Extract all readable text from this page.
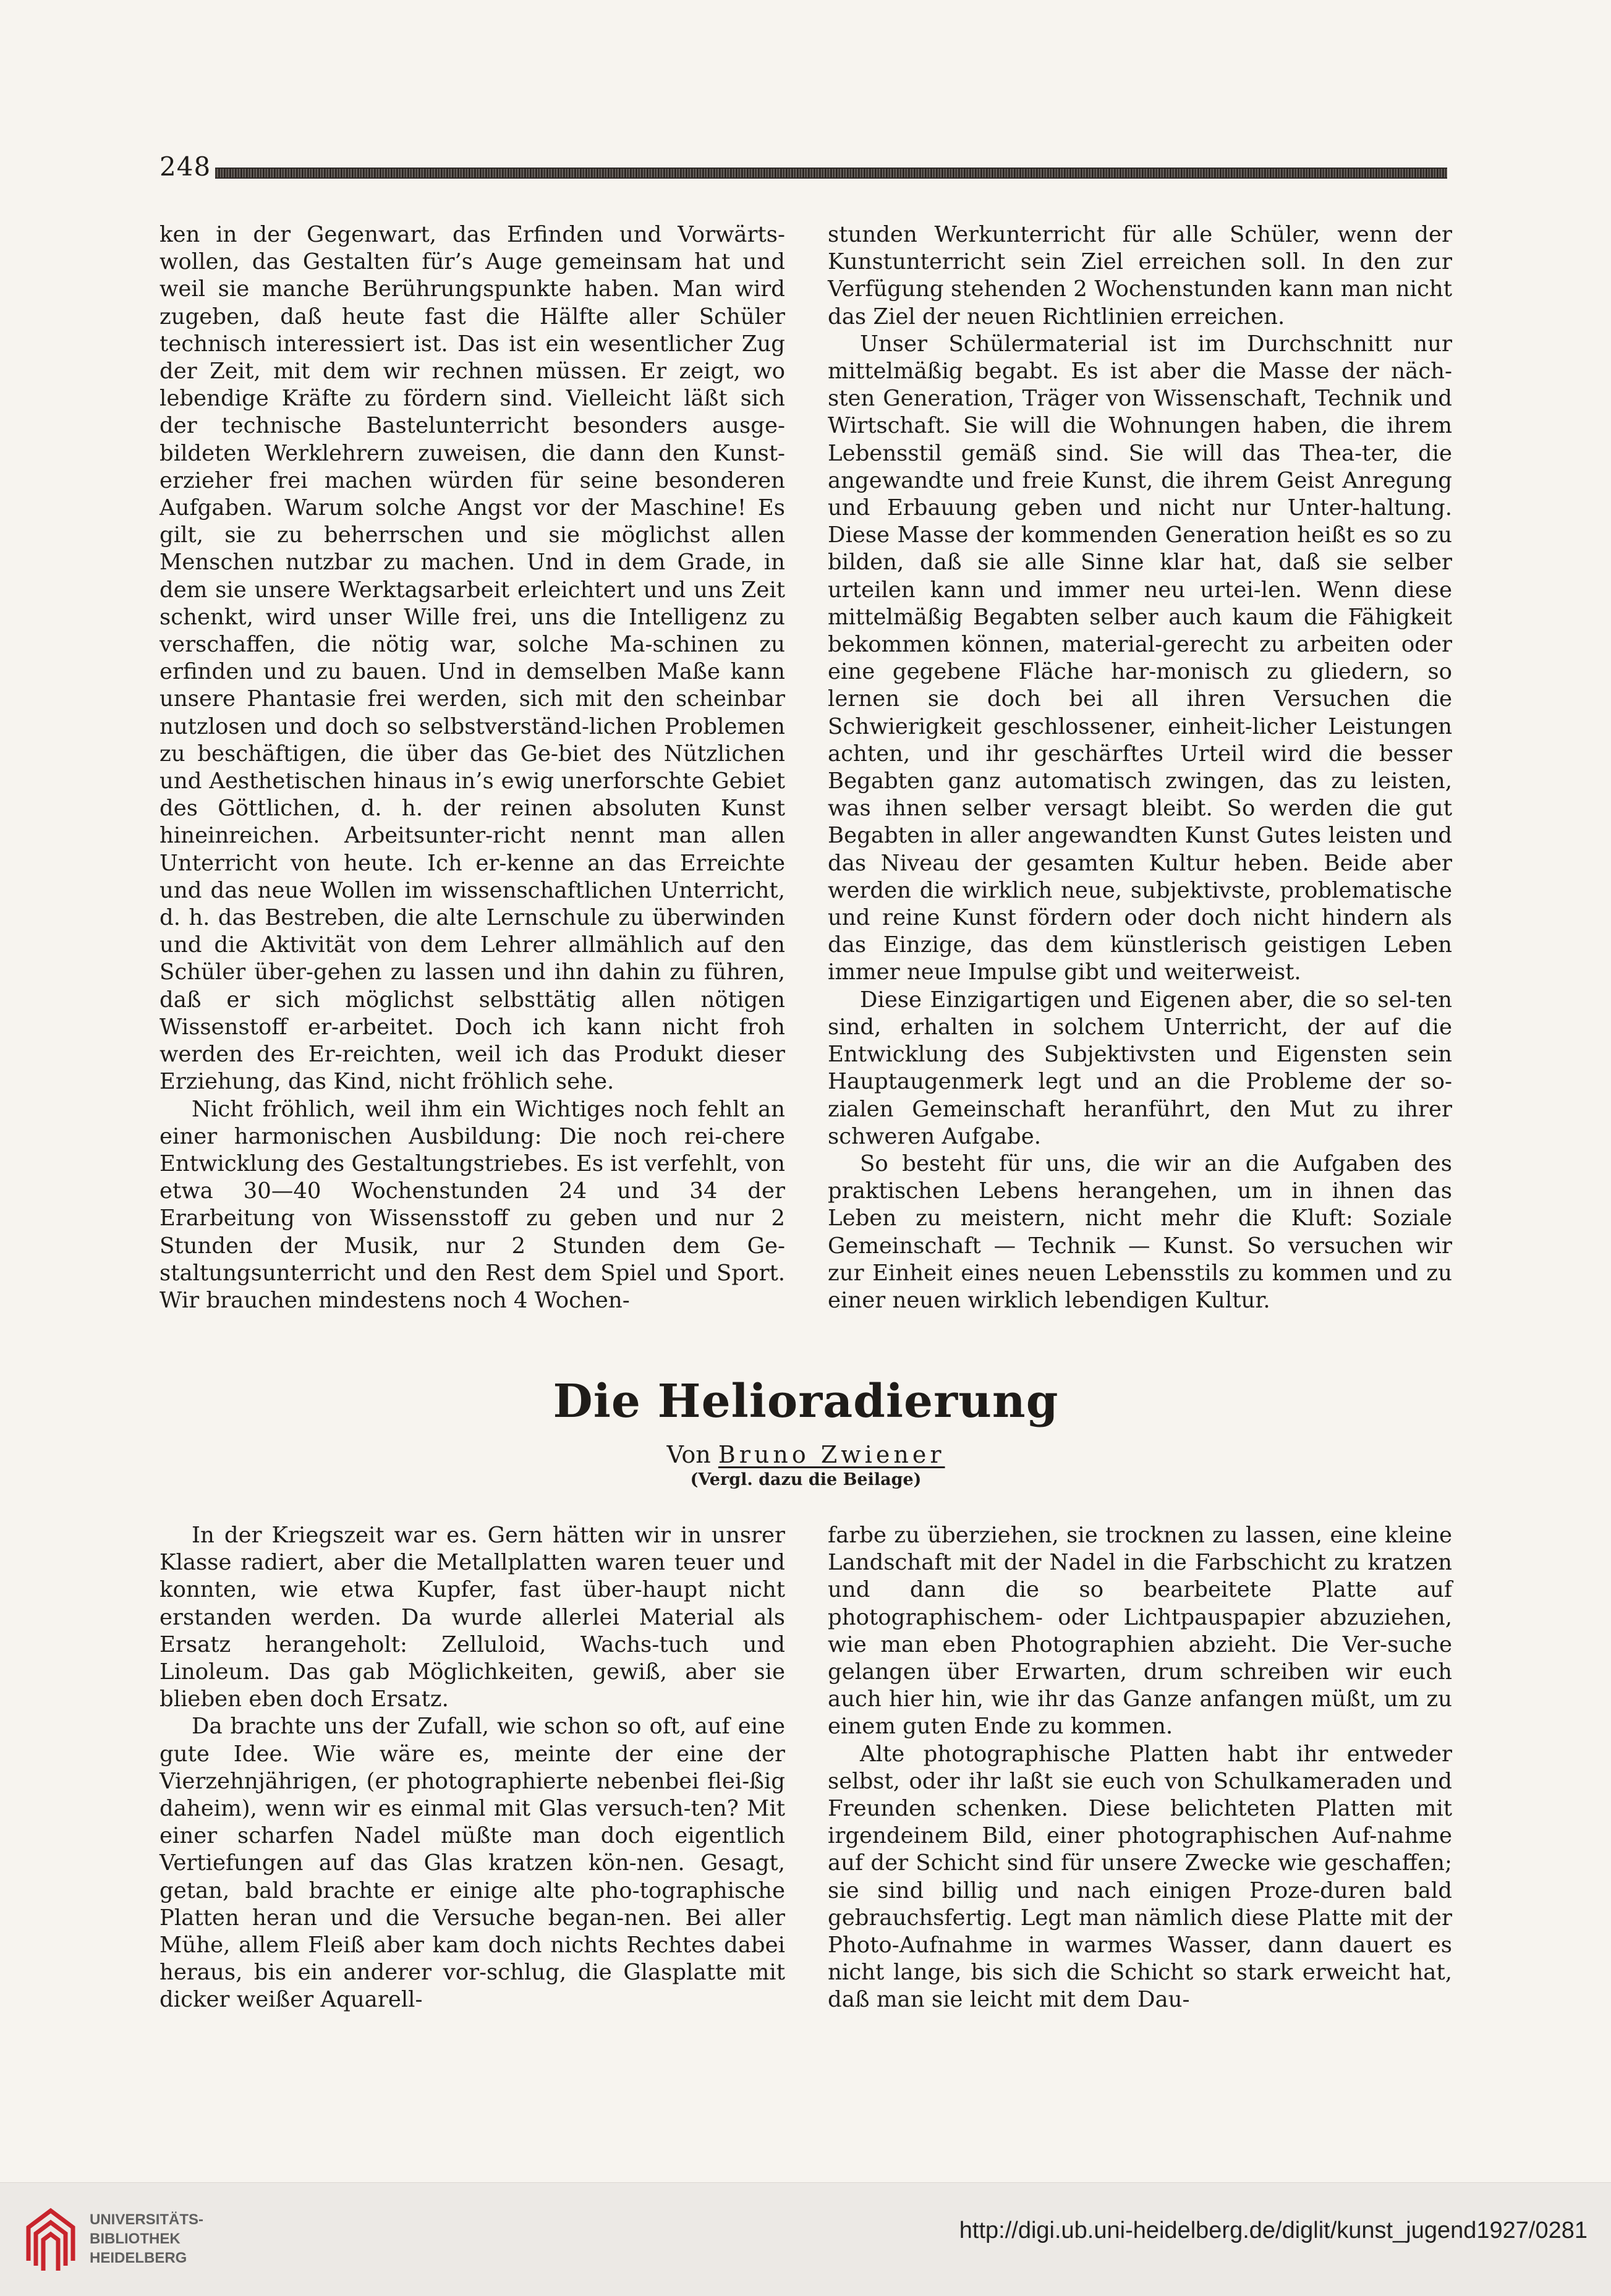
248

ken in der Gegenwart, das Erfinden und Vorwärts-wollen, das Gestalten für’s Auge gemeinsam hat und weil sie manche Berührungspunkte haben. Man wird zugeben, daß heute fast die Hälfte aller Schüler technisch interessiert ist. Das ist ein wesentlicher Zug der Zeit, mit dem wir rechnen müssen. Er zeigt, wo lebendige Kräfte zu fördern sind. Vielleicht läßt sich der technische Bastelunterricht besonders ausge-bildeten Werklehrern zuweisen, die dann den Kunst-erzieher frei machen würden für seine besonderen Aufgaben. Warum solche Angst vor der Maschine! Es gilt, sie zu beherrschen und sie möglichst allen Menschen nutzbar zu machen. Und in dem Grade, in dem sie unsere Werktagsarbeit erleichtert und uns Zeit schenkt, wird unser Wille frei, uns die Intelligenz zu verschaffen, die nötig war, solche Ma-schinen zu erfinden und zu bauen. Und in demselben Maße kann unsere Phantasie frei werden, sich mit den scheinbar nutzlosen und doch so selbstverständ-lichen Problemen zu beschäftigen, die über das Ge-biet des Nützlichen und Aesthetischen hinaus in’s ewig unerforschte Gebiet des Göttlichen, d. h. der reinen absoluten Kunst hineinreichen. Arbeitsunter-richt nennt man allen Unterricht von heute. Ich er-kenne an das Erreichte und das neue Wollen im wissenschaftlichen Unterricht, d. h. das Bestreben, die alte Lernschule zu überwinden und die Aktivität von dem Lehrer allmählich auf den Schüler über-gehen zu lassen und ihn dahin zu führen, daß er sich möglichst selbsttätig allen nötigen Wissenstoff er-arbeitet. Doch ich kann nicht froh werden des Er-reichten, weil ich das Produkt dieser Erziehung, das Kind, nicht fröhlich sehe.

Nicht fröhlich, weil ihm ein Wichtiges noch fehlt an einer harmonischen Ausbildung: Die noch rei-chere Entwicklung des Gestaltungstriebes. Es ist verfehlt, von etwa 30—40 Wochenstunden 24 und 34 der Erarbeitung von Wissensstoff zu geben und nur 2 Stunden der Musik, nur 2 Stunden dem Ge-staltungsunterricht und den Rest dem Spiel und Sport. Wir brauchen mindestens noch 4 Wochen-

stunden Werkunterricht für alle Schüler, wenn der Kunstunterricht sein Ziel erreichen soll. In den zur Verfügung stehenden 2 Wochenstunden kann man nicht das Ziel der neuen Richtlinien erreichen.

Unser Schülermaterial ist im Durchschnitt nur mittelmäßig begabt. Es ist aber die Masse der näch-sten Generation, Träger von Wissenschaft, Technik und Wirtschaft. Sie will die Wohnungen haben, die ihrem Lebensstil gemäß sind. Sie will das Thea-ter, die angewandte und freie Kunst, die ihrem Geist Anregung und Erbauung geben und nicht nur Unter-haltung. Diese Masse der kommenden Generation heißt es so zu bilden, daß sie alle Sinne klar hat, daß sie selber urteilen kann und immer neu urtei-len. Wenn diese mittelmäßig Begabten selber auch kaum die Fähigkeit bekommen können, material-gerecht zu arbeiten oder eine gegebene Fläche har-monisch zu gliedern, so lernen sie doch bei all ihren Versuchen die Schwierigkeit geschlossener, einheit-licher Leistungen achten, und ihr geschärftes Urteil wird die besser Begabten ganz automatisch zwingen, das zu leisten, was ihnen selber versagt bleibt. So werden die gut Begabten in aller angewandten Kunst Gutes leisten und das Niveau der gesamten Kultur heben. Beide aber werden die wirklich neue, subjektivste, problematische und reine Kunst fördern oder doch nicht hindern als das Einzige, das dem künstlerisch geistigen Leben immer neue Impulse gibt und weiterweist.

Diese Einzigartigen und Eigenen aber, die so sel-ten sind, erhalten in solchem Unterricht, der auf die Entwicklung des Subjektivsten und Eigensten sein Hauptaugenmerk legt und an die Probleme der so-zialen Gemeinschaft heranführt, den Mut zu ihrer schweren Aufgabe.

So besteht für uns, die wir an die Aufgaben des praktischen Lebens herangehen, um in ihnen das Leben zu meistern, nicht mehr die Kluft: Soziale Gemeinschaft — Technik — Kunst. So versuchen wir zur Einheit eines neuen Lebensstils zu kommen und zu einer neuen wirklich lebendigen Kultur.

Die Helioradierung
Von Bruno Zwiener
(Vergl. dazu die Beilage)

In der Kriegszeit war es. Gern hätten wir in unsrer Klasse radiert, aber die Metallplatten waren teuer und konnten, wie etwa Kupfer, fast über-haupt nicht erstanden werden. Da wurde allerlei Material als Ersatz herangeholt: Zelluloid, Wachs-tuch und Linoleum. Das gab Möglichkeiten, gewiß, aber sie blieben eben doch Ersatz.

Da brachte uns der Zufall, wie schon so oft, auf eine gute Idee. Wie wäre es, meinte der eine der Vierzehnjährigen, (er photographierte nebenbei flei-ßig daheim), wenn wir es einmal mit Glas versuch-ten? Mit einer scharfen Nadel müßte man doch eigentlich Vertiefungen auf das Glas kratzen kön-nen. Gesagt, getan, bald brachte er einige alte pho-tographische Platten heran und die Versuche began-nen. Bei aller Mühe, allem Fleiß aber kam doch nichts Rechtes dabei heraus, bis ein anderer vor-schlug, die Glasplatte mit dicker weißer Aquarell-

farbe zu überziehen, sie trocknen zu lassen, eine kleine Landschaft mit der Nadel in die Farbschicht zu kratzen und dann die so bearbeitete Platte auf photographischem- oder Lichtpauspapier abzuziehen, wie man eben Photographien abzieht. Die Ver-suche gelangen über Erwarten, drum schreiben wir euch auch hier hin, wie ihr das Ganze anfangen müßt, um zu einem guten Ende zu kommen.

Alte photographische Platten habt ihr entweder selbst, oder ihr laßt sie euch von Schulkameraden und Freunden schenken. Diese belichteten Platten mit irgendeinem Bild, einer photographischen Auf-nahme auf der Schicht sind für unsere Zwecke wie geschaffen; sie sind billig und nach einigen Proze-duren bald gebrauchsfertig. Legt man nämlich diese Platte mit der Photo-Aufnahme in warmes Wasser, dann dauert es nicht lange, bis sich die Schicht so stark erweicht hat, daß man sie leicht mit dem Dau-

UNIVERSITÄTS-
BIBLIOTHEK
HEIDELBERG
http://digi.ub.uni-heidelberg.de/diglit/kunst_jugend1927/0281
